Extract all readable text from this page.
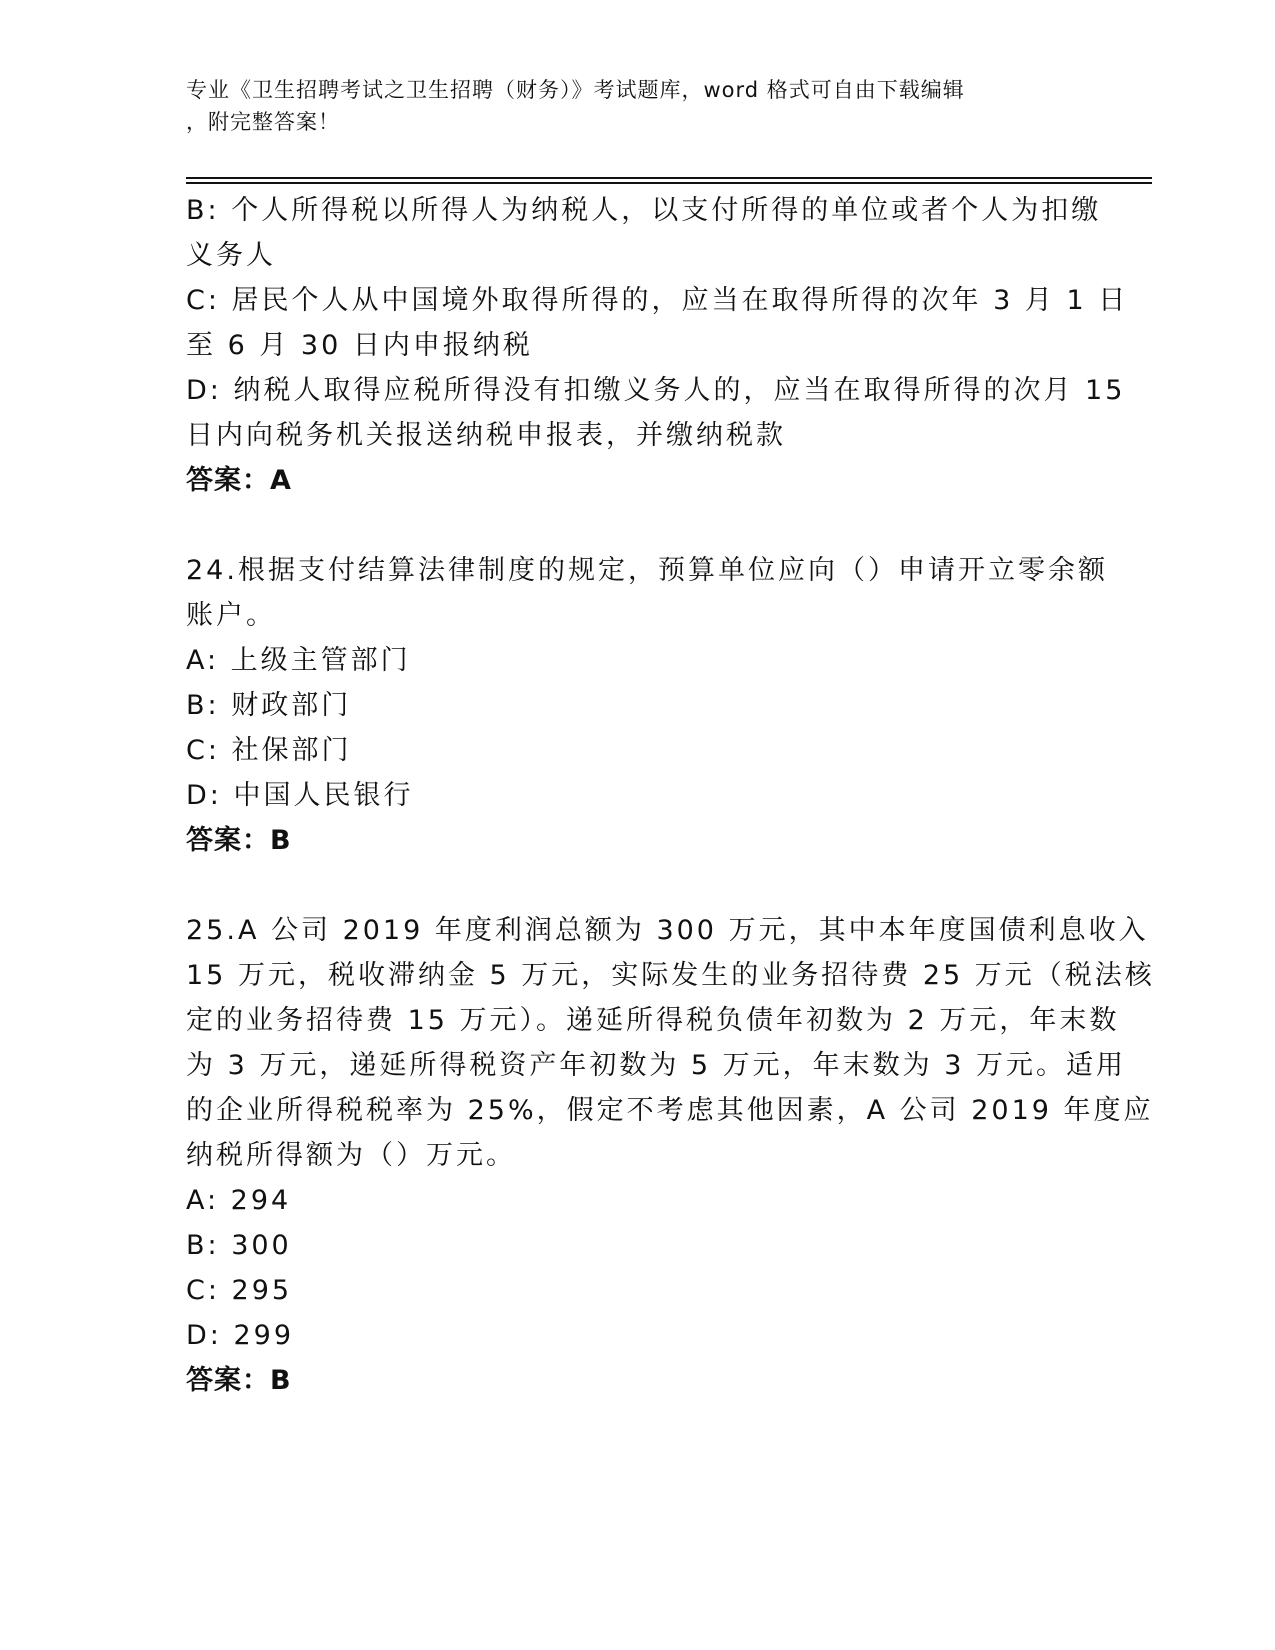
专业《卫生招聘考试之卫生招聘（财务）》考试题库，word 格式可自由下载编辑
，附完整答案！
B: 个人所得税以所得人为纳税人，以支付所得的单位或者个人为扣缴
义务人
C: 居民个人从中国境外取得所得的，应当在取得所得的次年 3 月 1 日
至 6 月 30 日内申报纳税
D: 纳税人取得应税所得没有扣缴义务人的，应当在取得所得的次月 15
日内向税务机关报送纳税申报表，并缴纳税款
答案：A
24.根据支付结算法律制度的规定，预算单位应向（）申请开立零余额
账户。
A: 上级主管部门
B: 财政部门
C: 社保部门
D: 中国人民银行
答案：B
25.A 公司 2019 年度利润总额为 300 万元，其中本年度国债利息收入
15 万元，税收滞纳金 5 万元，实际发生的业务招待费 25 万元（税法核
定的业务招待费 15 万元）。递延所得税负债年初数为 2 万元，年末数
为 3 万元，递延所得税资产年初数为 5 万元，年末数为 3 万元。适用
的企业所得税税率为 25%，假定不考虑其他因素，A 公司 2019 年度应
纳税所得额为（）万元。
A: 294
B: 300
C: 295
D: 299
答案：B
